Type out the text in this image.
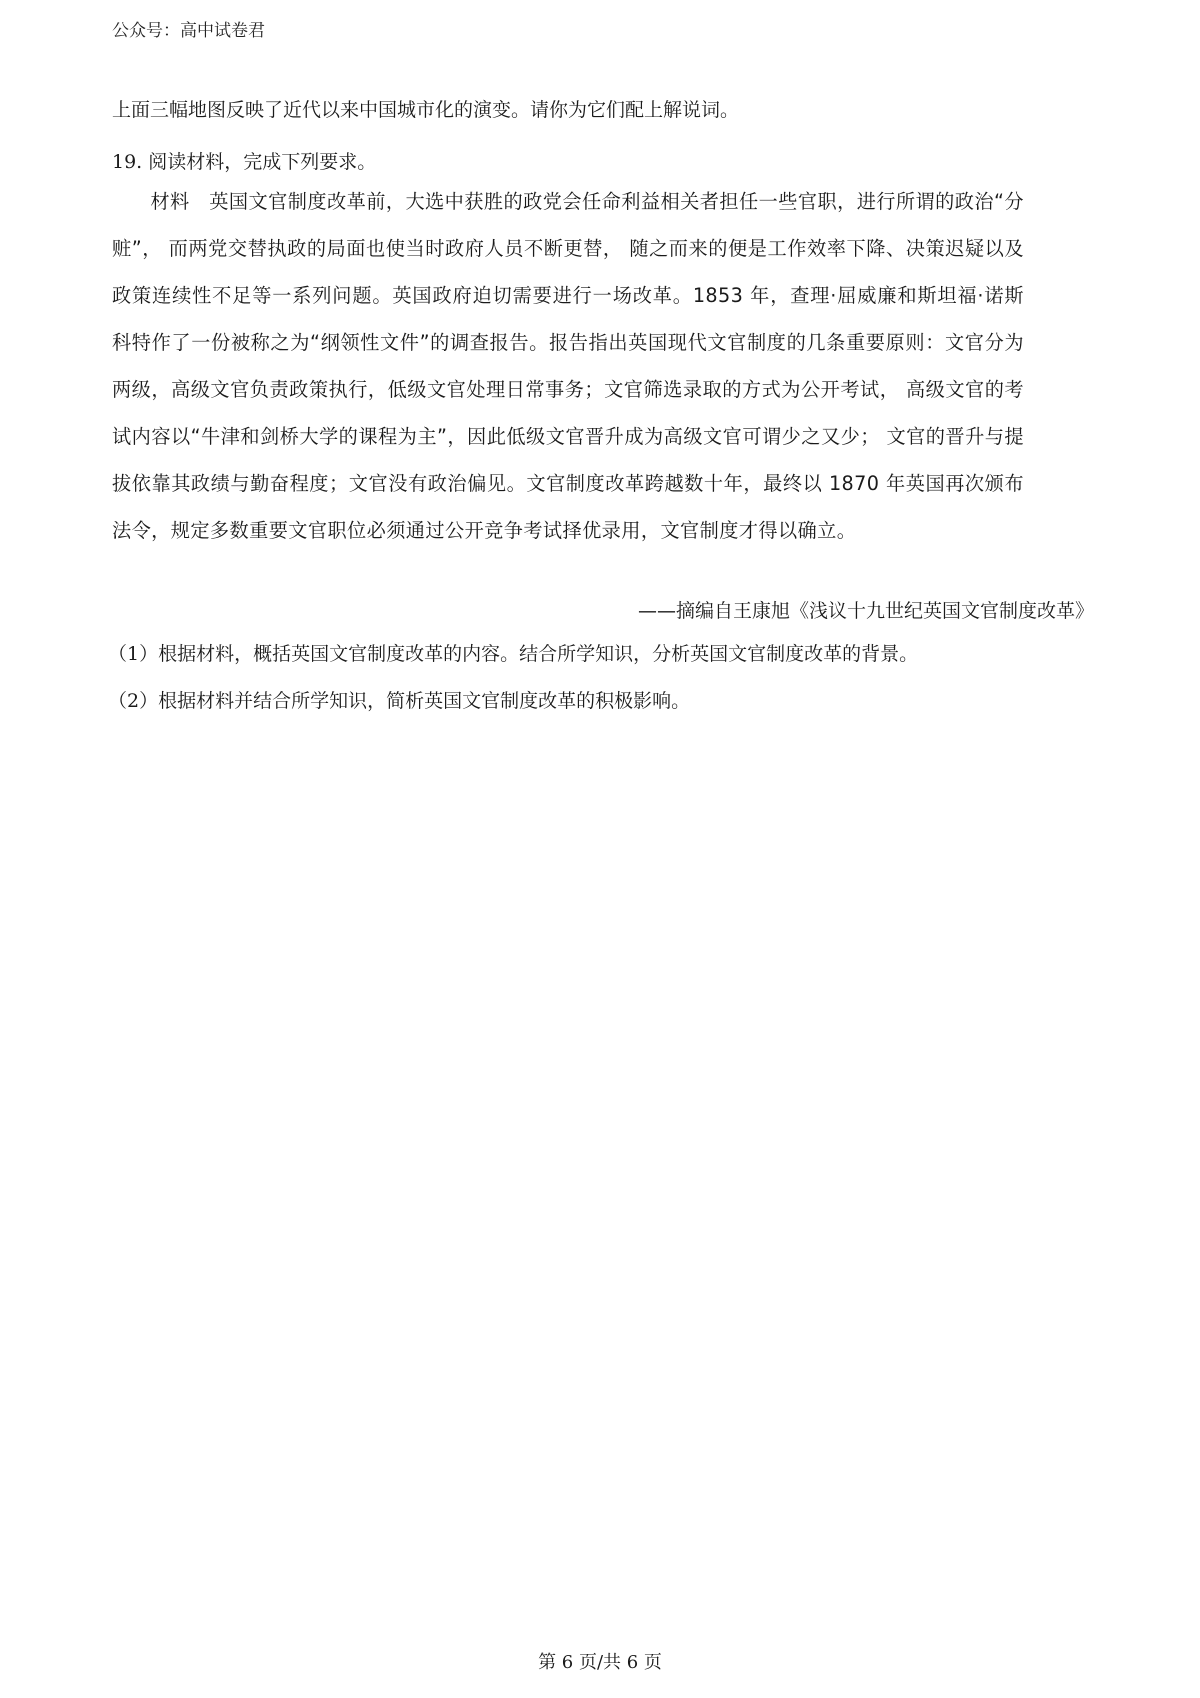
公众号：高中试卷君
上面三幅地图反映了近代以来中国城市化的演变。请你为它们配上解说词。
19. 阅读材料，完成下列要求。
材料　英国文官制度改革前，大选中获胜的政党会任命利益相关者担任一些官职，进行所谓的政治“分赃”， 而两党交替执政的局面也使当时政府人员不断更替， 随之而来的便是工作效率下降、决策迟疑以及政策连续性不足等一系列问题。英国政府迫切需要进行一场改革。1853 年，查理·屈威廉和斯坦福·诺斯科特作了一份被称之为“纲领性文件”的调查报告。报告指出英国现代文官制度的几条重要原则：文官分为两级，高级文官负责政策执行，低级文官处理日常事务；文官筛选录取的方式为公开考试， 高级文官的考试内容以“牛津和剑桥大学的课程为主”，因此低级文官晋升成为高级文官可谓少之又少； 文官的晋升与提拔依靠其政绩与勤奋程度；文官没有政治偏见。文官制度改革跨越数十年，最终以 1870 年英国再次颁布法令，规定多数重要文官职位必须通过公开竞争考试择优录用，文官制度才得以确立。
——摘编自王康旭《浅议十九世纪英国文官制度改革》
（1）根据材料，概括英国文官制度改革的内容。结合所学知识，分析英国文官制度改革的背景。
（2）根据材料并结合所学知识，简析英国文官制度改革的积极影响。
第 6 页/共 6 页
